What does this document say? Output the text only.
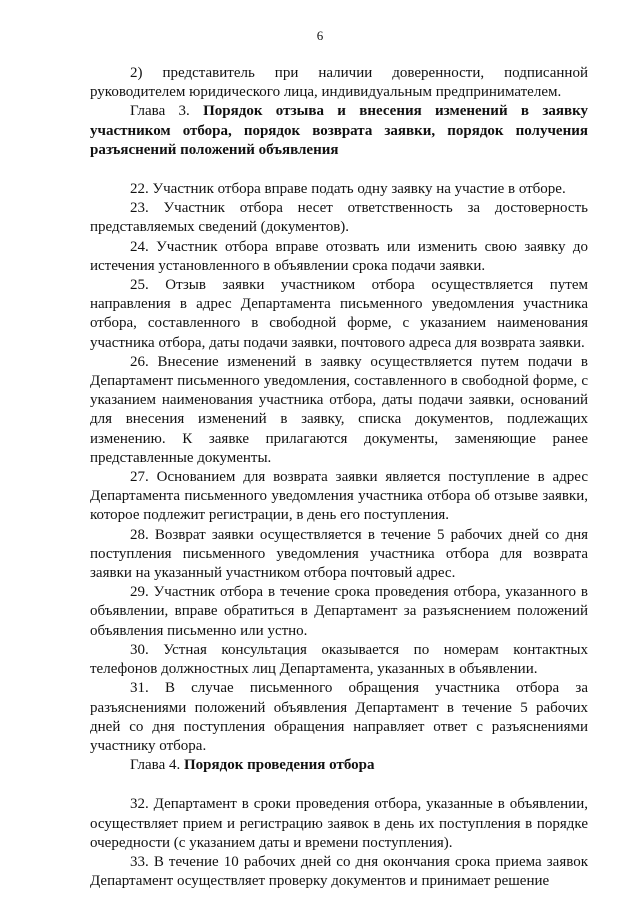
6

2) представитель при наличии доверенности, подписанной руководителем юридического лица, индивидуальным предпринимателем.

Глава 3. Порядок отзыва и внесения изменений в заявку участником отбора, порядок возврата заявки, порядок получения разъяснений положений объявления

22. Участник отбора вправе подать одну заявку на участие в отборе.

23. Участник отбора несет ответственность за достоверность представляемых сведений (документов).

24. Участник отбора вправе отозвать или изменить свою заявку до истечения установленного в объявлении срока подачи заявки.

25. Отзыв заявки участником отбора осуществляется путем направления в адрес Департамента письменного уведомления участника отбора, составленного в свободной форме, с указанием наименования участника отбора, даты подачи заявки, почтового адреса для возврата заявки.

26. Внесение изменений в заявку осуществляется путем подачи в Департамент письменного уведомления, составленного в свободной форме, с указанием наименования участника отбора, даты подачи заявки, оснований для внесения изменений в заявку, списка документов, подлежащих изменению. К заявке прилагаются документы, заменяющие ранее представленные документы.

27. Основанием для возврата заявки является поступление в адрес Департамента письменного уведомления участника отбора об отзыве заявки, которое подлежит регистрации, в день его поступления.

28. Возврат заявки осуществляется в течение 5 рабочих дней со дня поступления письменного уведомления участника отбора для возврата заявки на указанный участником отбора почтовый адрес.

29. Участник отбора в течение срока проведения отбора, указанного в объявлении, вправе обратиться в Департамент за разъяснением положений объявления письменно или устно.

30. Устная консультация оказывается по номерам контактных телефонов должностных лиц Департамента, указанных в объявлении.

31. В случае письменного обращения участника отбора за разъяснениями положений объявления Департамент в течение 5 рабочих дней со дня поступления обращения направляет ответ с разъяснениями участнику отбора.

Глава 4. Порядок проведения отбора

32. Департамент в сроки проведения отбора, указанные в объявлении, осуществляет прием и регистрацию заявок в день их поступления в порядке очередности (с указанием даты и времени поступления).

33. В течение 10 рабочих дней со дня окончания срока приема заявок Департамент осуществляет проверку документов и принимает решение
